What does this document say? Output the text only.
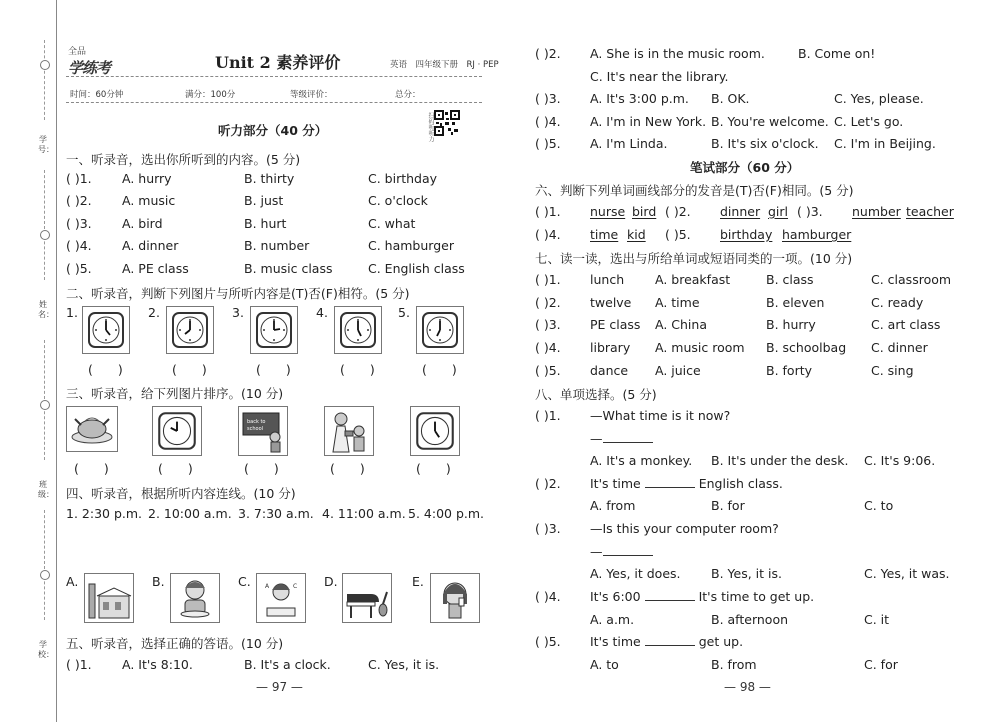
学号：
姓名：
班级：
学校：
全品
学练考	Unit 2 素养评价	英语　四年级下册　RJ · PEP
时间：60分钟	满分：100分	等级评价：	总分：
扫码听听力
听力部分（40 分）
一、听录音，选出你所听到的内容。(5 分)
( )1. A. hurry	B. thirty	C. birthday
( )2. A. music	B. just	C. o'clock
( )3. A. bird	B. hurt	C. what
( )4. A. dinner	B. number	C. hamburger
( )5. A. PE class	B. music class	C. English class
二、听录音，判断下列图片与所听内容是(T)否(F)相符。(5 分)
1.	2.	3.	4.	5.
(　　)	(　　)	(　　)	(　　)	(　　)
三、听录音，给下列图片排序。(10 分)
back to
school
(　　)	(　　)	(　　)	(　　)	(　　)
四、听录音，根据所听内容连线。(10 分)
1. 2:30 p.m. 2. 10:00 a.m. 3. 7:30 a.m. 4. 11:00 a.m. 5. 4:00 p.m.
A.	B.	C. A	C D.	E.
五、听录音，选择正确的答语。(10 分)
( )1. A. It's 8:10.	B. It's a clock.	C. Yes, it is.
— 97 —
( )2. A. She is in the music room.	B. Come on!
C. It's near the library.
( )3. A. It's 3:00 p.m. B. OK.	C. Yes, please.
( )4. A. I'm in New York. B. You're welcome. C. Let's go.
( )5. A. I'm Linda.	B. It's six o'clock. C. I'm in Beijing.
笔试部分（60 分）
六、判断下列单词画线部分的发音是(T)否(F)相同。(5 分)
( )1. nurse bird ( )2. dinner girl ( )3. number teacher
( )4. time kid ( )5. birthday hamburger
七、读一读，选出与所给单词或短语同类的一项。(10 分)
( )1. lunch A. breakfast	B. class	C. classroom
( )2. twelve A. time	B. eleven	C. ready
( )3. PE class A. China	B. hurry	C. art class
( )4. library A. music room B. schoolbag C. dinner
( )5. dance A. juice	B. forty	C. sing
八、单项选择。(5 分)
( )1. —What time is it now?
—
A. It's a monkey. B. It's under the desk. C. It's 9:06.
( )2. It's time	English class.
A. from	B. for	C. to
( )3. —Is this your computer room?
—
A. Yes, it does. B. Yes, it is.	C. Yes, it was.
( )4. It's 6:00	It's time to get up.
A. a.m.	B. afternoon	C. it
( )5. It's time	get up.
A. to	B. from	C. for
— 98 —
